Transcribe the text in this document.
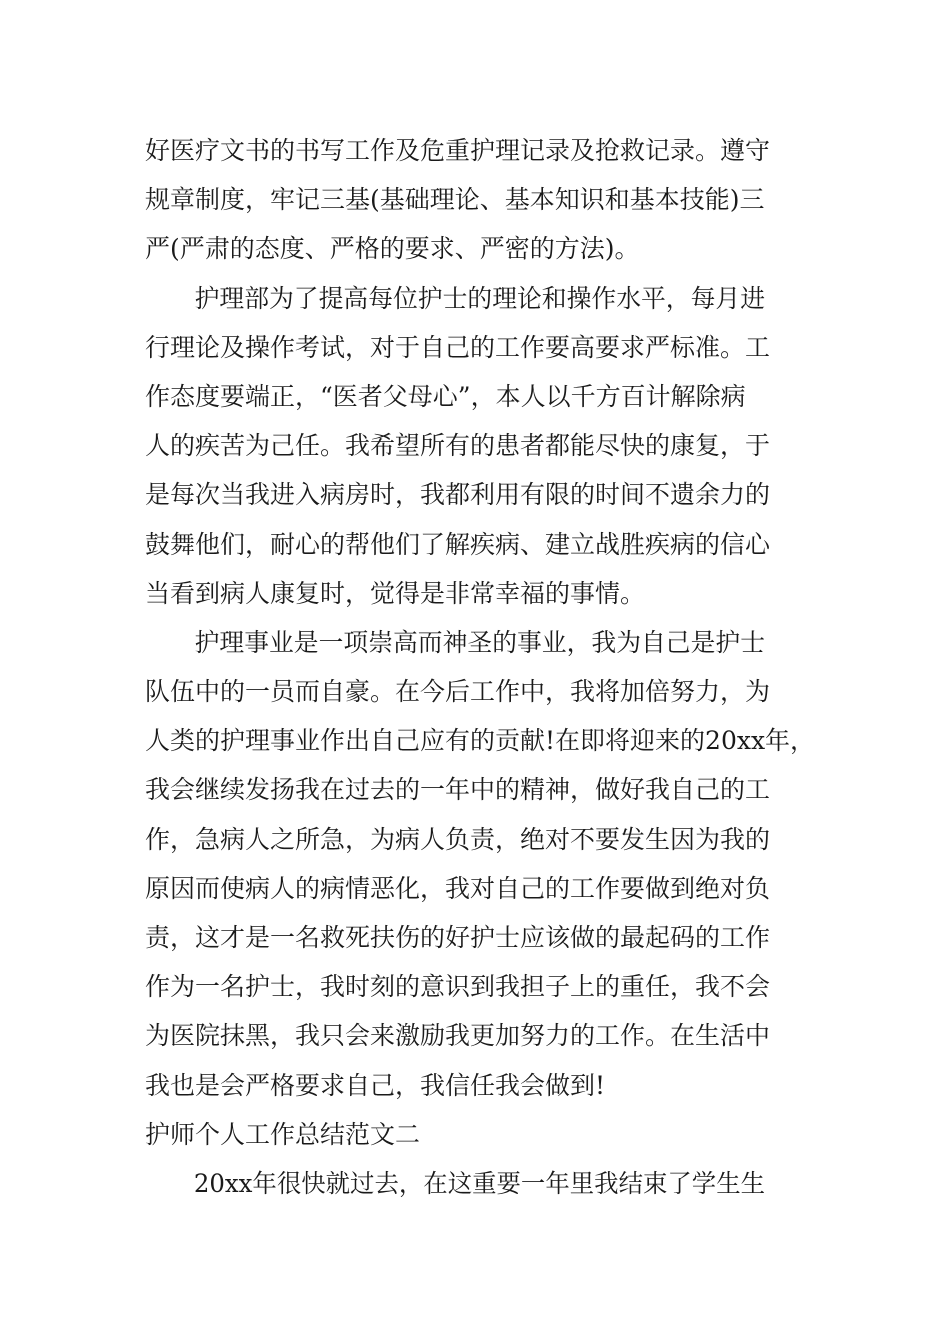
好医疗文书的书写工作及危重护理记录及抢救记录。遵守
规章制度，牢记三基(基础理论、基本知识和基本技能)三
严(严肃的态度、严格的要求、严密的方法)。
护理部为了提高每位护士的理论和操作水平，每月进
行理论及操作考试，对于自己的工作要高要求严标准。工
作态度要端正，“医者父母心”，本人以千方百计解除病
人的疾苦为己任。我希望所有的患者都能尽快的康复，于
是每次当我进入病房时，我都利用有限的时间不遗余力的
鼓舞他们，耐心的帮他们了解疾病、建立战胜疾病的信心
当看到病人康复时，觉得是非常幸福的事情。
护理事业是一项崇高而神圣的事业，我为自己是护士
队伍中的一员而自豪。在今后工作中，我将加倍努力，为
人类的护理事业作出自己应有的贡献!在即将迎来的20xx年，
我会继续发扬我在过去的一年中的精神，做好我自己的工
作，急病人之所急，为病人负责，绝对不要发生因为我的
原因而使病人的病情恶化，我对自己的工作要做到绝对负
责，这才是一名救死扶伤的好护士应该做的最起码的工作
作为一名护士，我时刻的意识到我担子上的重任，我不会
为医院抹黑，我只会来激励我更加努力的工作。在生活中
我也是会严格要求自己，我信任我会做到!
护师个人工作总结范文二
20xx年很快就过去，在这重要一年里我结束了学生生
